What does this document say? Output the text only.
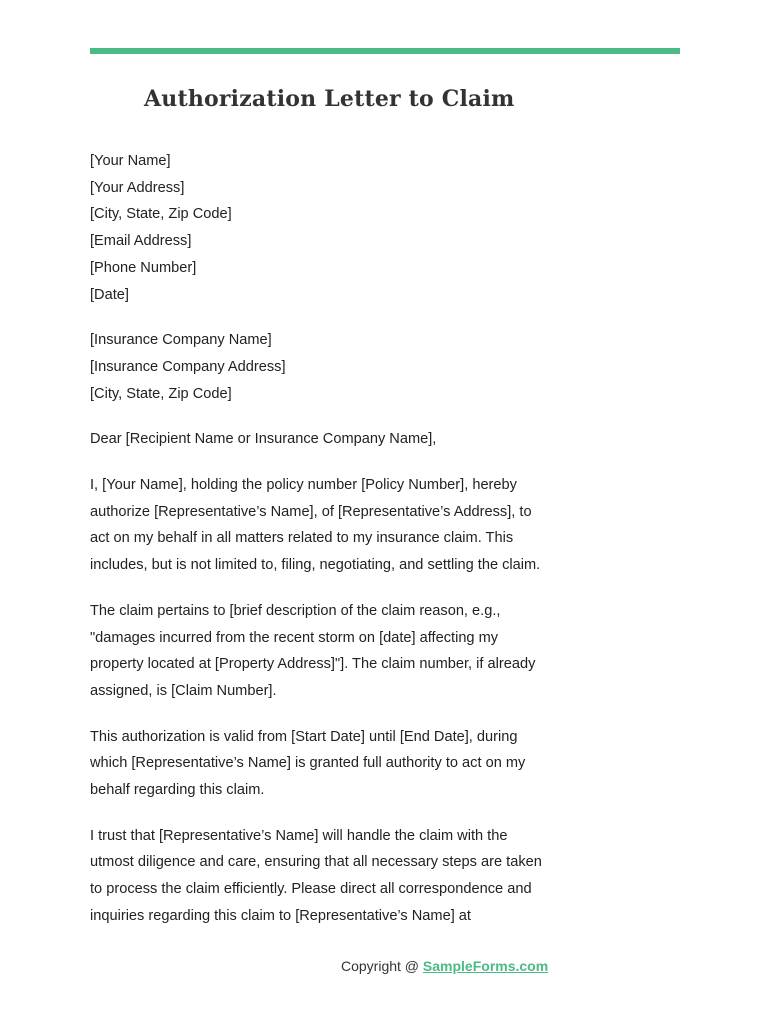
Authorization Letter to Claim
[Your Name]
[Your Address]
[City, State, Zip Code]
[Email Address]
[Phone Number]
[Date]
[Insurance Company Name]
[Insurance Company Address]
[City, State, Zip Code]
Dear [Recipient Name or Insurance Company Name],
I, [Your Name], holding the policy number [Policy Number], hereby
authorize [Representative’s Name], of [Representative’s Address], to
act on my behalf in all matters related to my insurance claim. This
includes, but is not limited to, filing, negotiating, and settling the claim.
The claim pertains to [brief description of the claim reason, e.g.,
"damages incurred from the recent storm on [date] affecting my
property located at [Property Address]"]. The claim number, if already
assigned, is [Claim Number].
This authorization is valid from [Start Date] until [End Date], during
which [Representative’s Name] is granted full authority to act on my
behalf regarding this claim.
I trust that [Representative’s Name] will handle the claim with the
utmost diligence and care, ensuring that all necessary steps are taken
to process the claim efficiently. Please direct all correspondence and
inquiries regarding this claim to [Representative’s Name] at
Copyright @ SampleForms.com
